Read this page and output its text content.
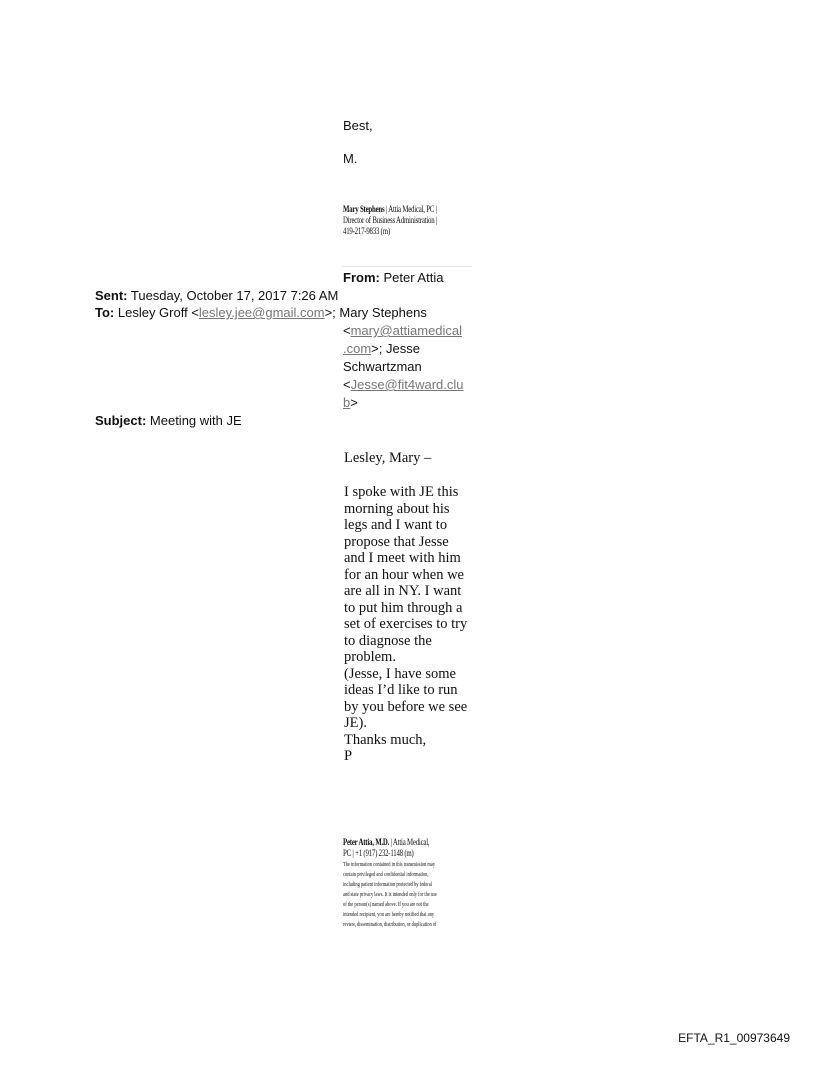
Best,
M.
Mary Stephens | Attia Medical, PC |
Director of Business Administration |
419-217-9833 (m)
From: Peter Attia
Sent: Tuesday, October 17, 2017 7:26 AM
To: Lesley Groff <lesley.jee@gmail.com>; Mary Stephens
<mary@attiamedical
.com>; Jesse
Schwartzman
<Jesse@fit4ward.clu
b>
Subject: Meeting with JE
Lesley, Mary –
I spoke with JE this
morning about his
legs and I want to
propose that Jesse
and I meet with him
for an hour when we
are all in NY. I want
to put him through a
set of exercises to try
to diagnose the
problem.
(Jesse, I have some
ideas I’d like to run
by you before we see
JE).
Thanks much,
P
Peter Attia, M.D. | Attia Medical,
PC | +1 (917) 232-1148 (m)
The information contained in this transmission may
contain privileged and confidential information,
including patient information protected by federal
and state privacy laws. It is intended only for the use
of the person(s) named above. If you are not the
intended recipient, you are hereby notified that any
review, dissemination, distribution, or duplication of
EFTA_R1_00973649
